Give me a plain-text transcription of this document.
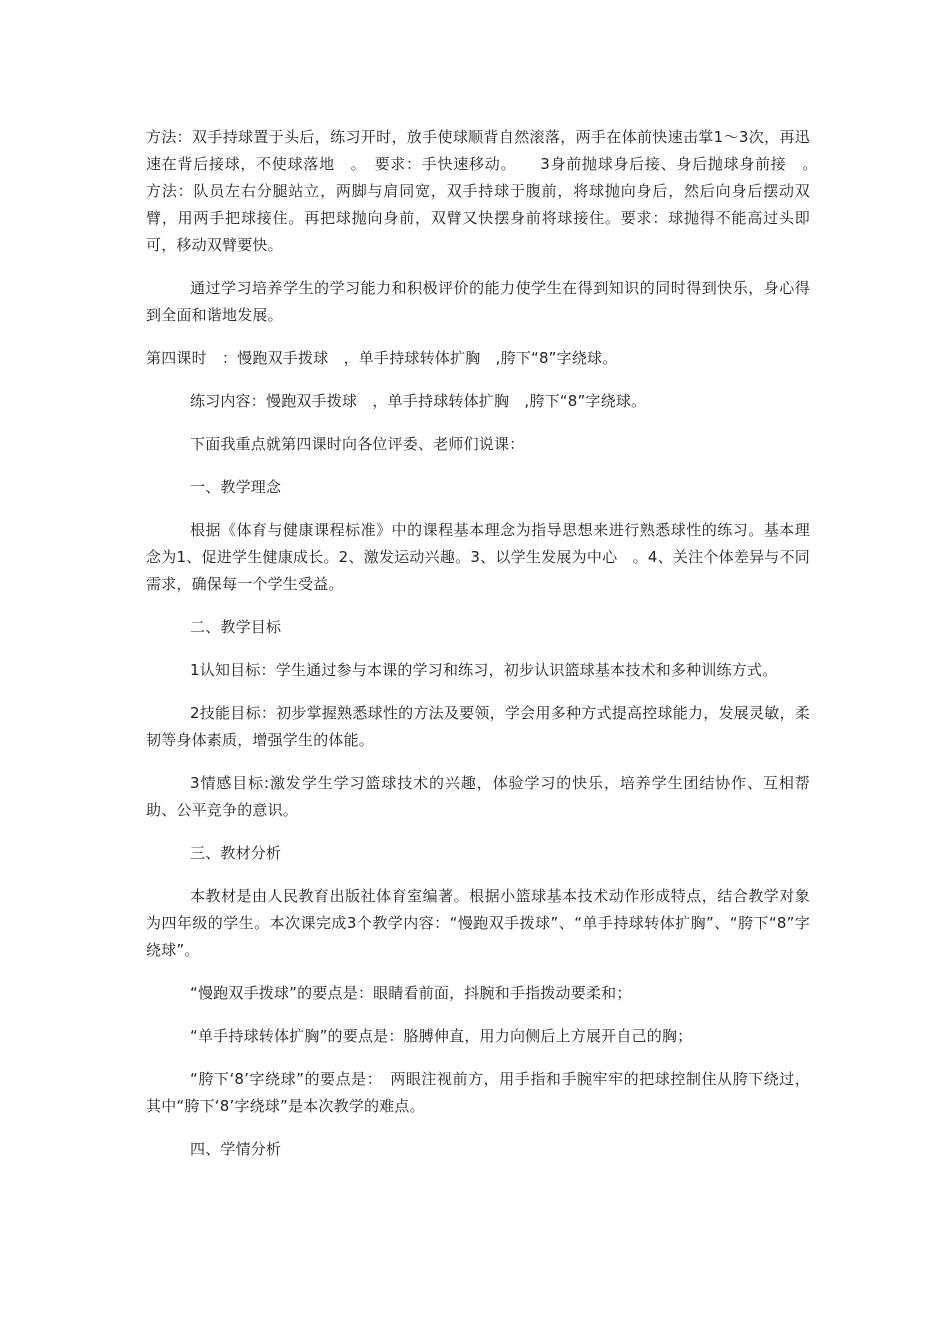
方法：双手持球置于头后，练习开时，放手使球顺背自然滚落，两手在体前快速击掌1～3次，再迅速在背后接球，不使球落地　。　要求：手快速移动。　　3身前抛球身后接、身后抛球身前接　。　方法：队员左右分腿站立，两脚与肩同宽，双手持球于腹前，将球抛向身后，然后向身后摆动双臂，用两手把球接住。再把球抛向身前，双臂又快摆身前将球接住。要求：球抛得不能高过头即可，移动双臂要快。

通过学习培养学生的学习能力和积极评价的能力使学生在得到知识的同时得到快乐，身心得到全面和谐地发展。

第四课时　：慢跑双手拨球　，单手持球转体扩胸　,胯下“8”字绕球。

练习内容：慢跑双手拨球　，单手持球转体扩胸　,胯下“8”字绕球。

下面我重点就第四课时向各位评委、老师们说课：

一、教学理念

根据《体育与健康课程标准》中的课程基本理念为指导思想来进行熟悉球性的练习。基本理念为1、促进学生健康成长。2、激发运动兴趣。3、以学生发展为中心　。4、关注个体差异与不同需求，确保每一个学生受益。

二、教学目标

1认知目标：学生通过参与本课的学习和练习，初步认识篮球基本技术和多种训练方式。

2技能目标：初步掌握熟悉球性的方法及要领，学会用多种方式提高控球能力，发展灵敏，柔韧等身体素质，增强学生的体能。

3情感目标:激发学生学习篮球技术的兴趣，体验学习的快乐，培养学生团结协作、互相帮助、公平竞争的意识。

三、教材分析

本教材是由人民教育出版社体育室编著。根据小篮球基本技术动作形成特点，结合教学对象为四年级的学生。本次课完成3个教学内容：“慢跑双手拨球”、“单手持球转体扩胸”、“胯下“8”字绕球”。

“慢跑双手拨球”的要点是：眼睛看前面，抖腕和手指拨动要柔和；

“单手持球转体扩胸”的要点是：胳膊伸直，用力向侧后上方展开自己的胸；

“胯下‘8’字绕球”的要点是：　两眼注视前方，用手指和手腕牢牢的把球控制住从胯下绕过，其中“胯下‘8’字绕球”是本次教学的难点。

四、学情分析
